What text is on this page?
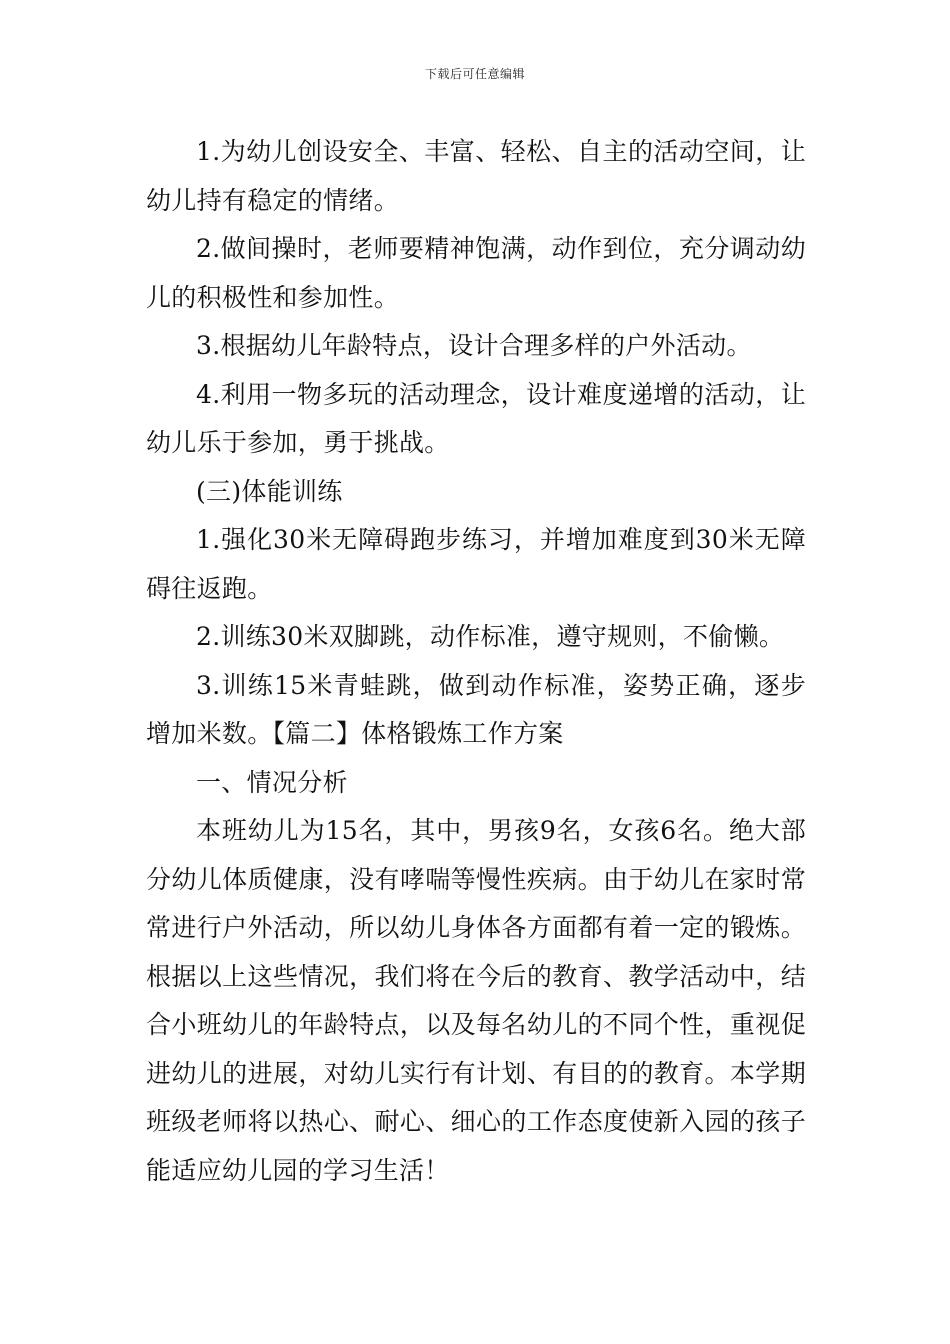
下载后可任意编辑

1.为幼儿创设安全、丰富、轻松、自主的活动空间，让幼儿持有稳定的情绪。

2.做间操时，老师要精神饱满，动作到位，充分调动幼儿的积极性和参加性。

3.根据幼儿年龄特点，设计合理多样的户外活动。

4.利用一物多玩的活动理念，设计难度递增的活动，让幼儿乐于参加，勇于挑战。

(三)体能训练

1.强化30米无障碍跑步练习，并增加难度到30米无障碍往返跑。

2.训练30米双脚跳，动作标准，遵守规则，不偷懒。

3.训练15米青蛙跳，做到动作标准，姿势正确，逐步增加米数。【篇二】体格锻炼工作方案

一、情况分析

本班幼儿为15名，其中，男孩9名，女孩6名。绝大部分幼儿体质健康，没有哮喘等慢性疾病。由于幼儿在家时常常进行户外活动，所以幼儿身体各方面都有着一定的锻炼。根据以上这些情况，我们将在今后的教育、教学活动中，结合小班幼儿的年龄特点，以及每名幼儿的不同个性，重视促进幼儿的进展，对幼儿实行有计划、有目的的教育。本学期班级老师将以热心、耐心、细心的工作态度使新入园的孩子能适应幼儿园的学习生活！
